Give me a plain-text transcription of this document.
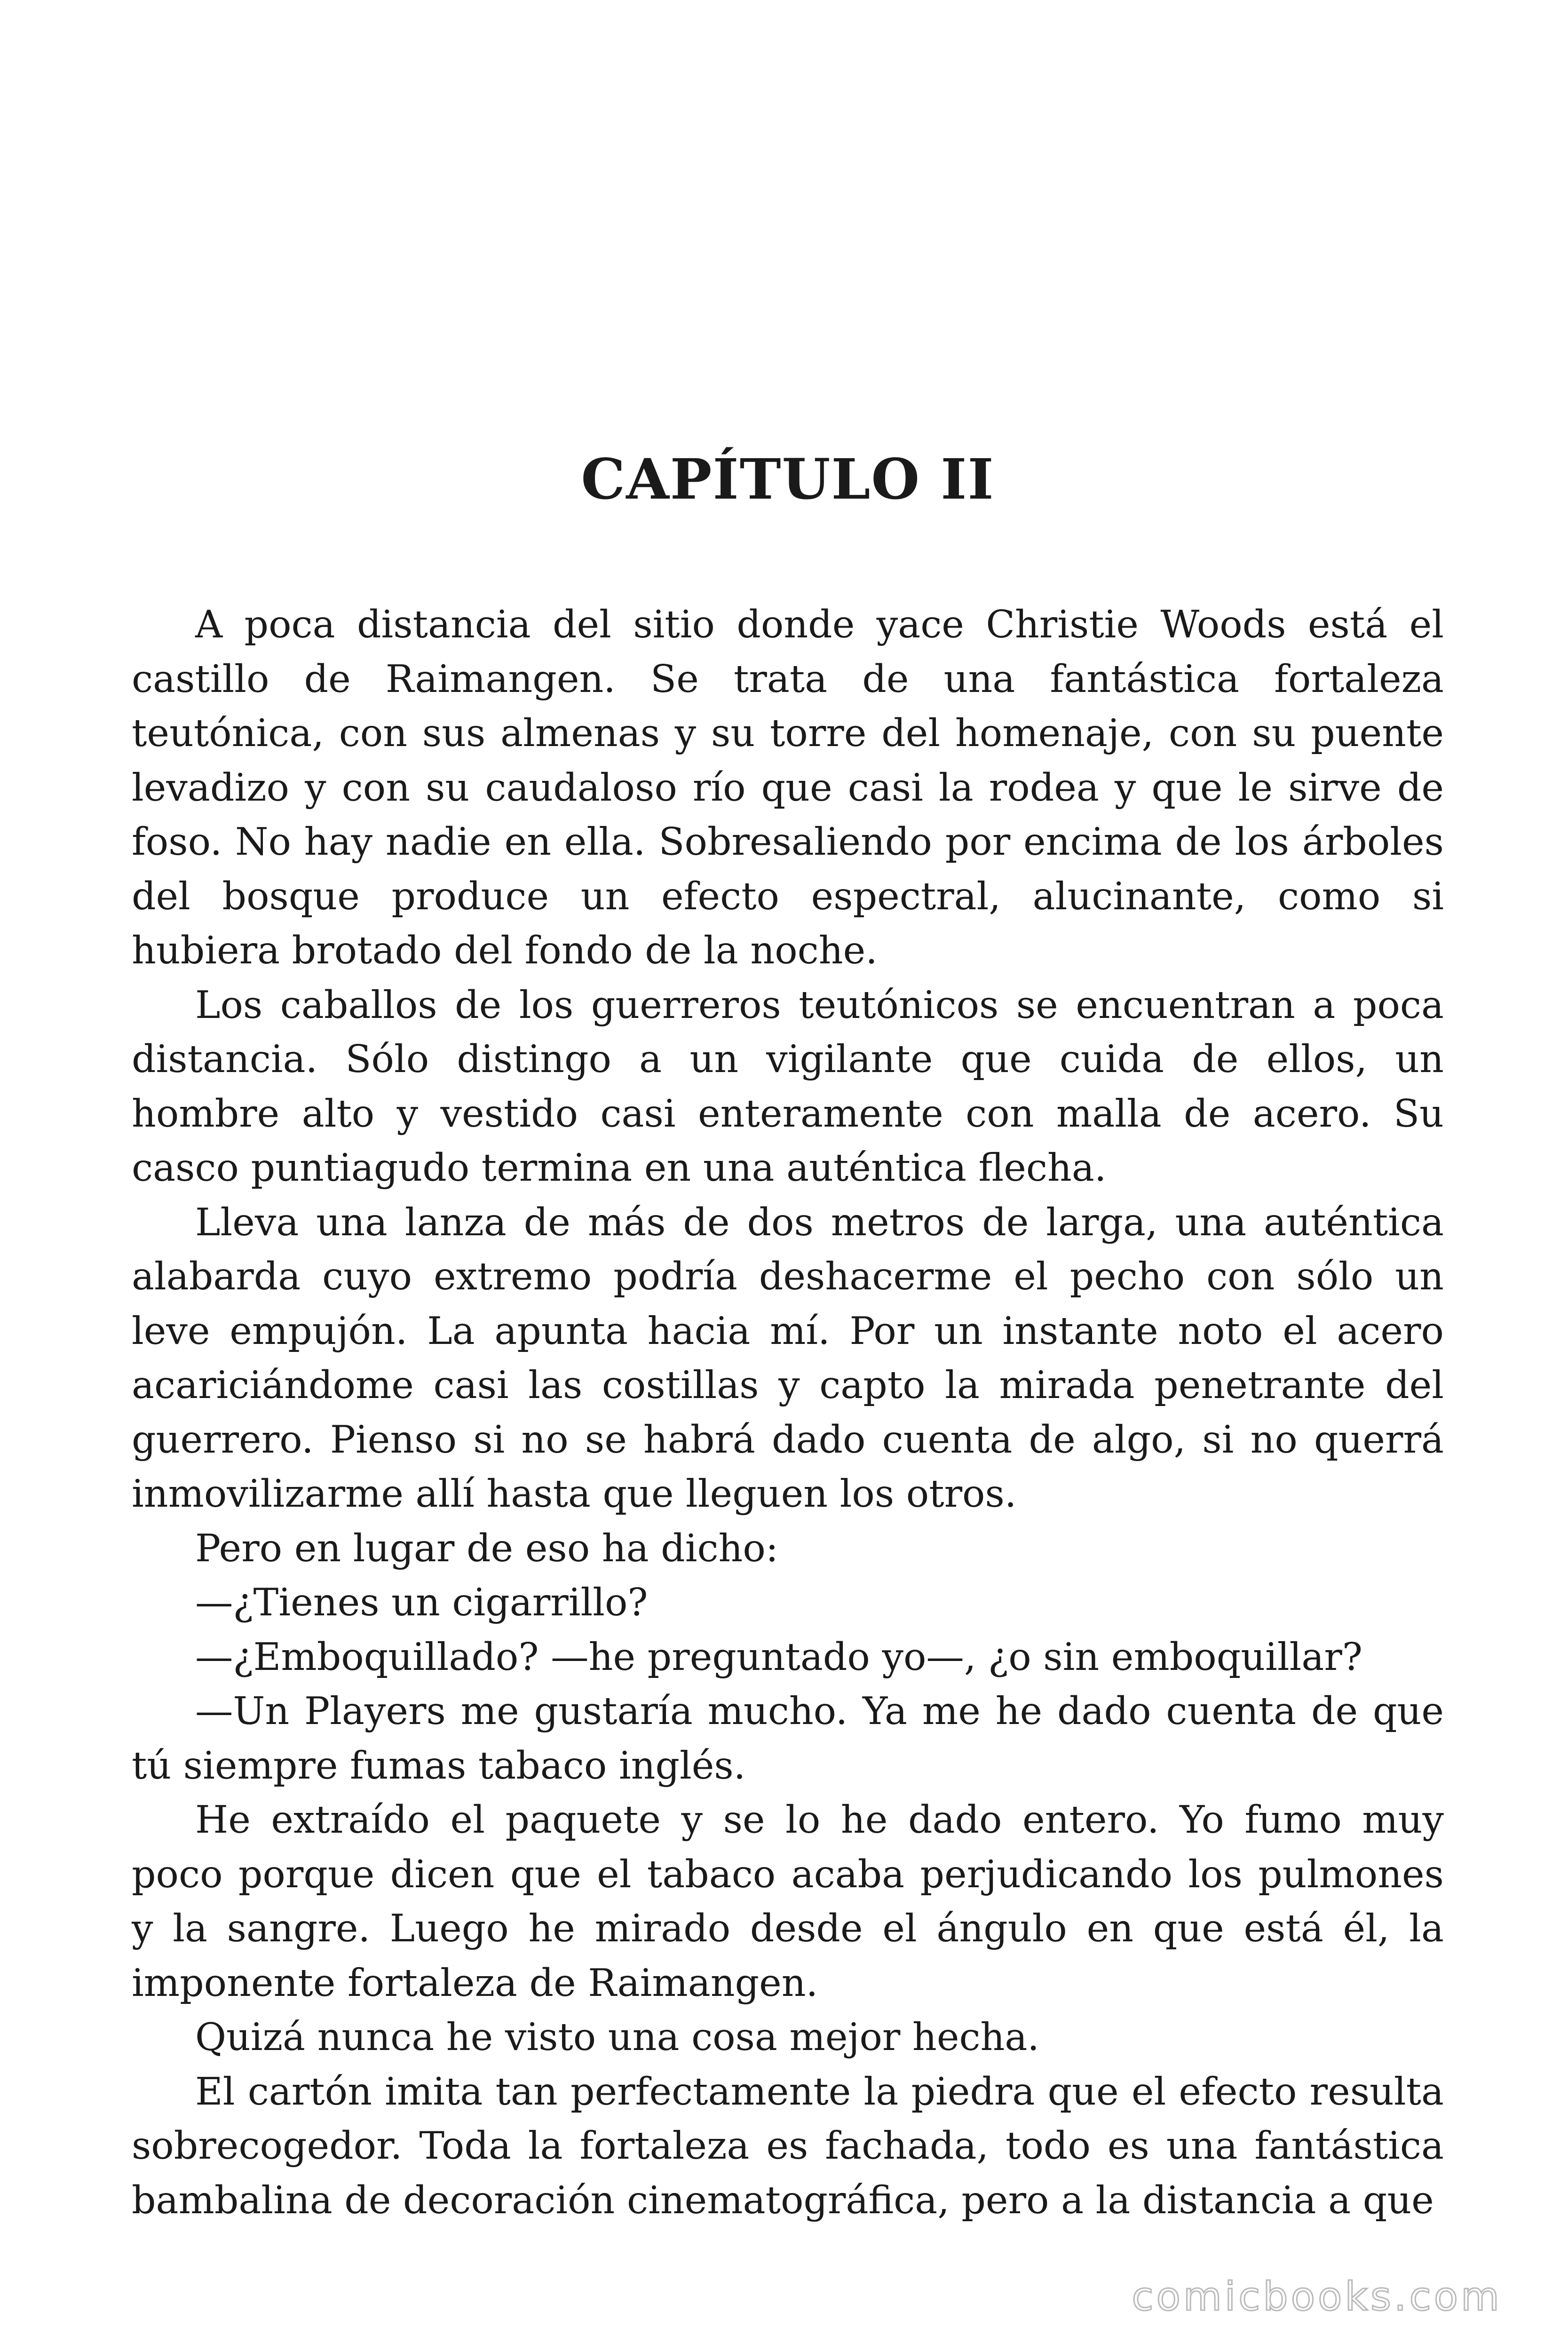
CAPÍTULO II

A poca distancia del sitio donde yace Christie Woods está el castillo de Raimangen. Se trata de una fantástica fortaleza teutónica, con sus almenas y su torre del homenaje, con su puente levadizo y con su caudaloso río que casi la rodea y que le sirve de foso. No hay nadie en ella. Sobresaliendo por encima de los árboles del bosque produce un efecto espectral, alucinante, como si hubiera brotado del fondo de la noche.

Los caballos de los guerreros teutónicos se encuentran a poca distancia. Sólo distingo a un vigilante que cuida de ellos, un hombre alto y vestido casi enteramente con malla de acero. Su casco puntiagudo termina en una auténtica flecha.

Lleva una lanza de más de dos metros de larga, una auténtica alabarda cuyo extremo podría deshacerme el pecho con sólo un leve empujón. La apunta hacia mí. Por un instante noto el acero acariciándome casi las costillas y capto la mirada penetrante del guerrero. Pienso si no se habrá dado cuenta de algo, si no querrá inmovilizarme allí hasta que lleguen los otros.

Pero en lugar de eso ha dicho:

—¿Tienes un cigarrillo?

—¿Emboquillado? —he preguntado yo—, ¿o sin emboquillar?

—Un Players me gustaría mucho. Ya me he dado cuenta de que tú siempre fumas tabaco inglés.

He extraído el paquete y se lo he dado entero. Yo fumo muy poco porque dicen que el tabaco acaba perjudicando los pulmones y la sangre. Luego he mirado desde el ángulo en que está él, la imponente fortaleza de Raimangen.

Quizá nunca he visto una cosa mejor hecha.

El cartón imita tan perfectamente la piedra que el efecto resulta sobrecogedor. Toda la fortaleza es fachada, todo es una fantástica bambalina de decoración cinematográfica, pero a la distancia a que

comicbooks.com
